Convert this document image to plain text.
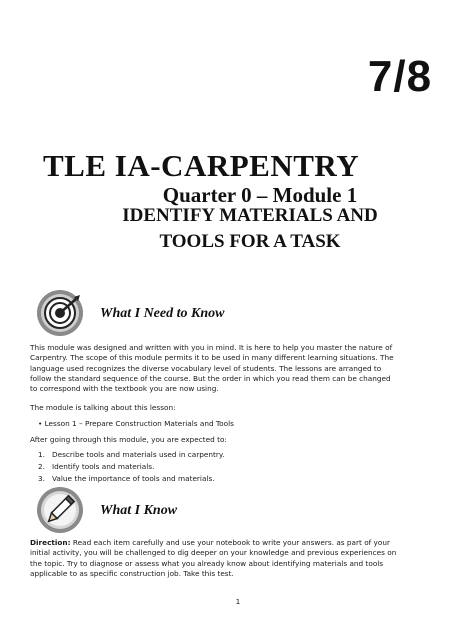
7/8
TLE IA-CARPENTRY
Quarter 0 – Module 1
IDENTIFY MATERIALS AND
TOOLS FOR A TASK
What I Need to Know
This module was designed and written with you in mind. It is here to help you master the nature of
Carpentry. The scope of this module permits it to be used in many different learning situations. The
language used recognizes the diverse vocabulary level of students. The lessons are arranged to
follow the standard sequence of the course. But the order in which you read them can be changed
to correspond with the textbook you are now using.
The module is talking about this lesson:
• Lesson 1 – Prepare Construction Materials and Tools
After going through this module, you are expected to:
1. Describe tools and materials used in carpentry.
2. Identify tools and materials.
3. Value the importance of tools and materials.
What I Know
Direction: Read each item carefully and use your notebook to write your answers. as part of your
initial activity, you will be challenged to dig deeper on your knowledge and previous experiences on
the topic. Try to diagnose or assess what you already know about identifying materials and tools
applicable to as specific construction job. Take this test.
1
